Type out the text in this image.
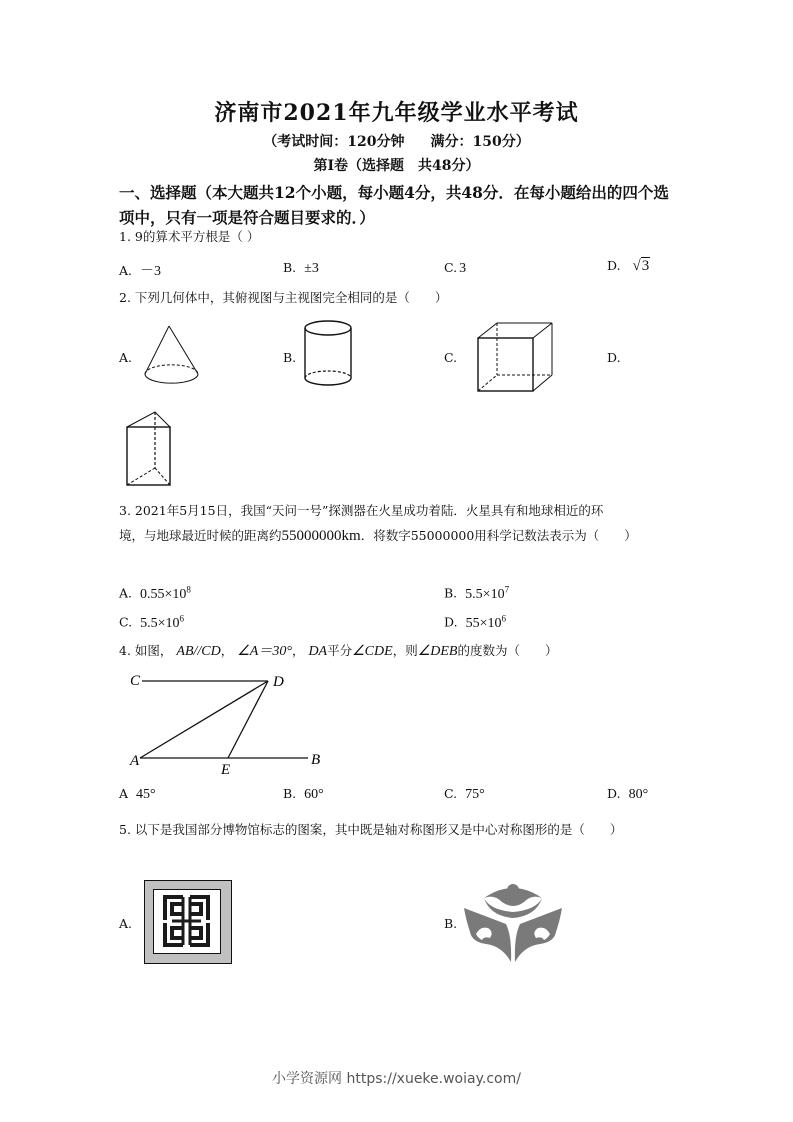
济南市2021年九年级学业水平考试
（考试时间：120分钟 满分：150分）
第Ⅰ卷（选择题　共48分）
一、选择题（本大题共12个小题，每小题4分，共48分．在每小题给出的四个选项中，只有一项是符合题目要求的．）
1. 9的算术平方根是（ ）
A. －3	B. ±3	C. 3	D. √3
2. 下列几何体中，其俯视图与主视图完全相同的是（　　）
A.	B.	C.	D.
3. 2021年5月15日，我国“天问一号”探测器在火星成功着陆．火星具有和地球相近的环
境，与地球最近时候的距离约55000000km．将数字55000000用科学记数法表示为（　　）
A. $0.55\times 10^8$	B. $5.5\times 10^7$
C. $5.5\times 10^6$	D. $55\times 10^6$
4. 如图， AB//CD， ∠A＝30°， DA平分∠CDE，则∠DEB的度数为（　　）
C	D
A
E
B
A 45°	B. 60°	C. 75°	D. 80°
5. 以下是我国部分博物馆标志的图案，其中既是轴对称图形又是中心对称图形的是（　　）
A.	B.
小学资源网 https://xueke.woiay.com/
